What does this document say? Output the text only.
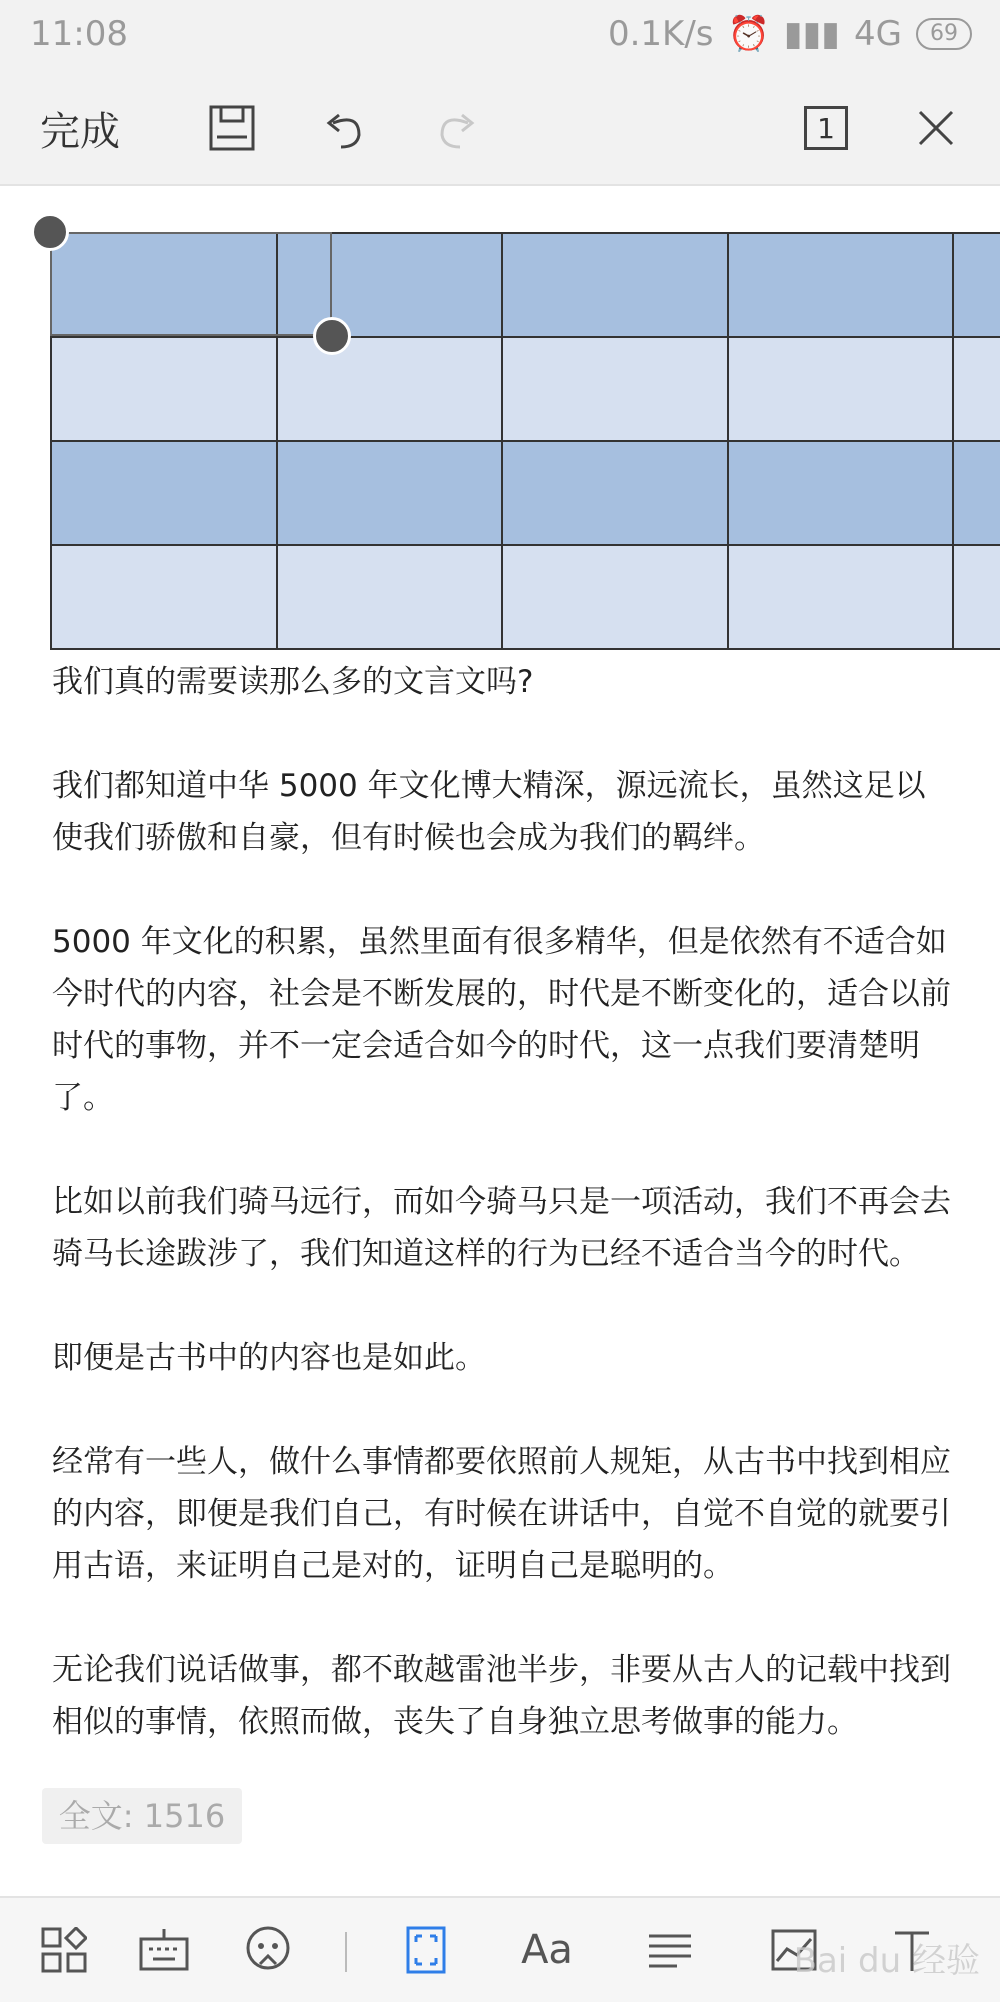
11:08	0.1K/s ⏰ ▮▮▮ 4G	69
完成	1

我们真的需要读那么多的文言文吗?

我们都知道中华 5000 年文化博大精深，源远流长，虽然这足以使我们骄傲和自豪，但有时候也会成为我们的羁绊。

5000 年文化的积累，虽然里面有很多精华，但是依然有不适合如今时代的内容，社会是不断发展的，时代是不断变化的，适合以前时代的事物，并不一定会适合如今的时代，这一点我们要清楚明了。

比如以前我们骑马远行，而如今骑马只是一项活动，我们不再会去骑马长途跋涉了，我们知道这样的行为已经不适合当今的时代。

即便是古书中的内容也是如此。

经常有一些人，做什么事情都要依照前人规矩，从古书中找到相应的内容，即便是我们自己，有时候在讲话中，自觉不自觉的就要引用古语，来证明自己是对的，证明自己是聪明的。

无论我们说话做事，都不敢越雷池半步，非要从古人的记载中找到相似的事情，依照而做，丧失了自身独立思考做事的能力。

全文: 1516
Aa	Bai du 经验
